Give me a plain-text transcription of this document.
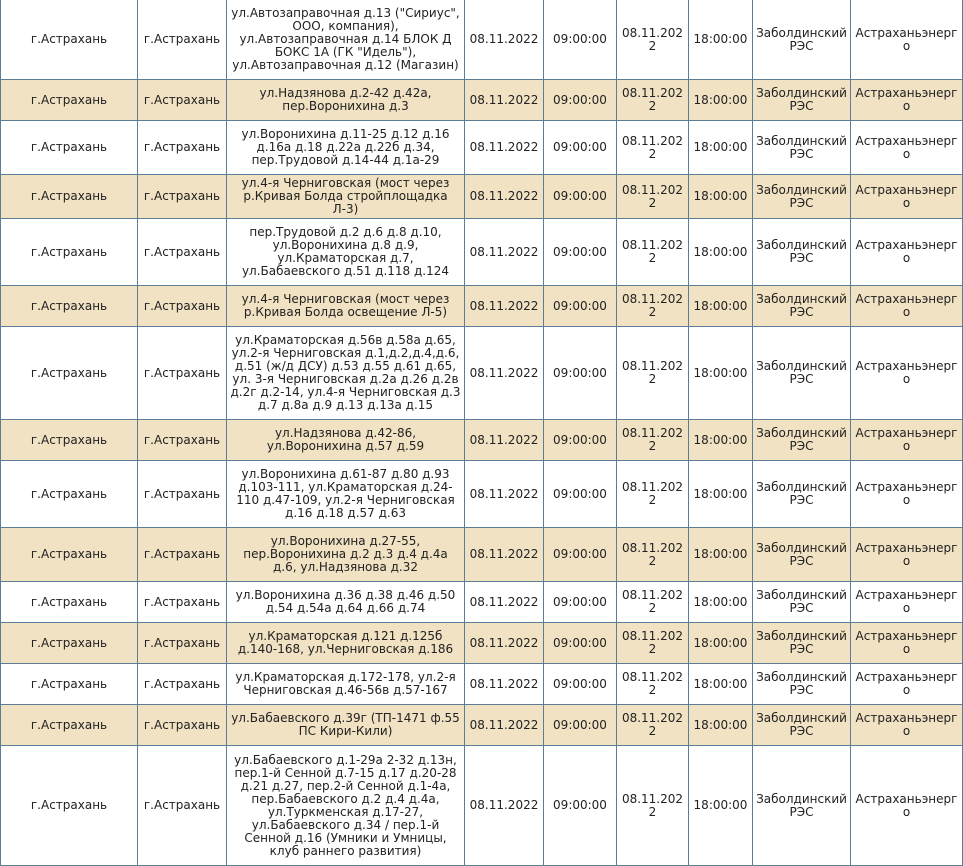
г.Астрахань	г.Астрахань	ул.Автозаправочная д.13 ("Сириус", ООО, компания), ул.Автозаправочная д.14 БЛОК Д БОКС 1А (ГК "Идель"), ул.Автозаправочная д.12 (Магазин)	08.11.2022	09:00:00	08.11.2022	18:00:00	Заболдинский РЭС	Астраханьэнерго
г.Астрахань	г.Астрахань	ул.Надзянова д.2-42 д.42а, пер.Воронихина д.3	08.11.2022	09:00:00	08.11.2022	18:00:00	Заболдинский РЭС	Астраханьэнерго
г.Астрахань	г.Астрахань	ул.Воронихина д.11-25 д.12 д.16 д.16а д.18 д.22а д.22б д.34, пер.Трудовой д.14-44 д.1а-29	08.11.2022	09:00:00	08.11.2022	18:00:00	Заболдинский РЭС	Астраханьэнерго
г.Астрахань	г.Астрахань	ул.4-я Черниговская (мост через р.Кривая Болда стройплощадка Л-3)	08.11.2022	09:00:00	08.11.2022	18:00:00	Заболдинский РЭС	Астраханьэнерго
г.Астрахань	г.Астрахань	пер.Трудовой д.2 д.6 д.8 д.10, ул.Воронихина д.8 д.9, ул.Краматорская д.7, ул.Бабаевского д.51 д.118 д.124	08.11.2022	09:00:00	08.11.2022	18:00:00	Заболдинский РЭС	Астраханьэнерго
г.Астрахань	г.Астрахань	ул.4-я Черниговская (мост через р.Кривая Болда освещение Л-5)	08.11.2022	09:00:00	08.11.2022	18:00:00	Заболдинский РЭС	Астраханьэнерго
г.Астрахань	г.Астрахань	ул.Краматорская д.56в д.58а д.65, ул.2-я Черниговская д.1,д.2,д.4,д.6, д.51 (ж/д ДСУ) д.53 д.55 д.61 д.65, ул. 3-я Черниговская д.2а д.26 д.2в д.2г д.2-14, ул.4-я Черниговская д.3 д.7 д.8а д.9 д.13 д.13а д.15	08.11.2022	09:00:00	08.11.2022	18:00:00	Заболдинский РЭС	Астраханьэнерго
г.Астрахань	г.Астрахань	ул.Надзянова д.42-86, ул.Воронихина д.57 д.59	08.11.2022	09:00:00	08.11.2022	18:00:00	Заболдинский РЭС	Астраханьэнерго
г.Астрахань	г.Астрахань	ул.Воронихина д.61-87 д.80 д.93 д.103-111, ул.Краматорская д.24-110 д.47-109, ул.2-я Черниговская д.16 д.18 д.57 д.63	08.11.2022	09:00:00	08.11.2022	18:00:00	Заболдинский РЭС	Астраханьэнерго
г.Астрахань	г.Астрахань	ул.Воронихина д.27-55, пер.Воронихина д.2 д.3 д.4 д.4а д.6, ул.Надзянова д.32	08.11.2022	09:00:00	08.11.2022	18:00:00	Заболдинский РЭС	Астраханьэнерго
г.Астрахань	г.Астрахань	ул.Воронихина д.36 д.38 д.46 д.50 д.54 д.54а д.64 д.66 д.74	08.11.2022	09:00:00	08.11.2022	18:00:00	Заболдинский РЭС	Астраханьэнерго
г.Астрахань	г.Астрахань	ул.Краматорская д.121 д.125б д.140-168, ул.Черниговская д.186	08.11.2022	09:00:00	08.11.2022	18:00:00	Заболдинский РЭС	Астраханьэнерго
г.Астрахань	г.Астрахань	ул.Краматорская д.172-178, ул.2-я Черниговская д.46-56в д.57-167	08.11.2022	09:00:00	08.11.2022	18:00:00	Заболдинский РЭС	Астраханьэнерго
г.Астрахань	г.Астрахань	ул.Бабаевского д.39г (ТП-1471 ф.55 ПС Кири-Кили)	08.11.2022	09:00:00	08.11.2022	18:00:00	Заболдинский РЭС	Астраханьэнерго
г.Астрахань	г.Астрахань	ул.Бабаевского д.1-29а 2-32 д.13н, пер.1-й Сенной д.7-15 д.17 д.20-28 д.21 д.27, пер.2-й Сенной д.1-4а, пер.Бабаевского д.2 д.4 д.4а, ул.Туркменская д.17-27, ул.Бабаевского д.34 / пер.1-й Сенной д.16 (Умники и Умницы, клуб раннего развития)	08.11.2022	09:00:00	08.11.2022	18:00:00	Заболдинский РЭС	Астраханьэнерго
